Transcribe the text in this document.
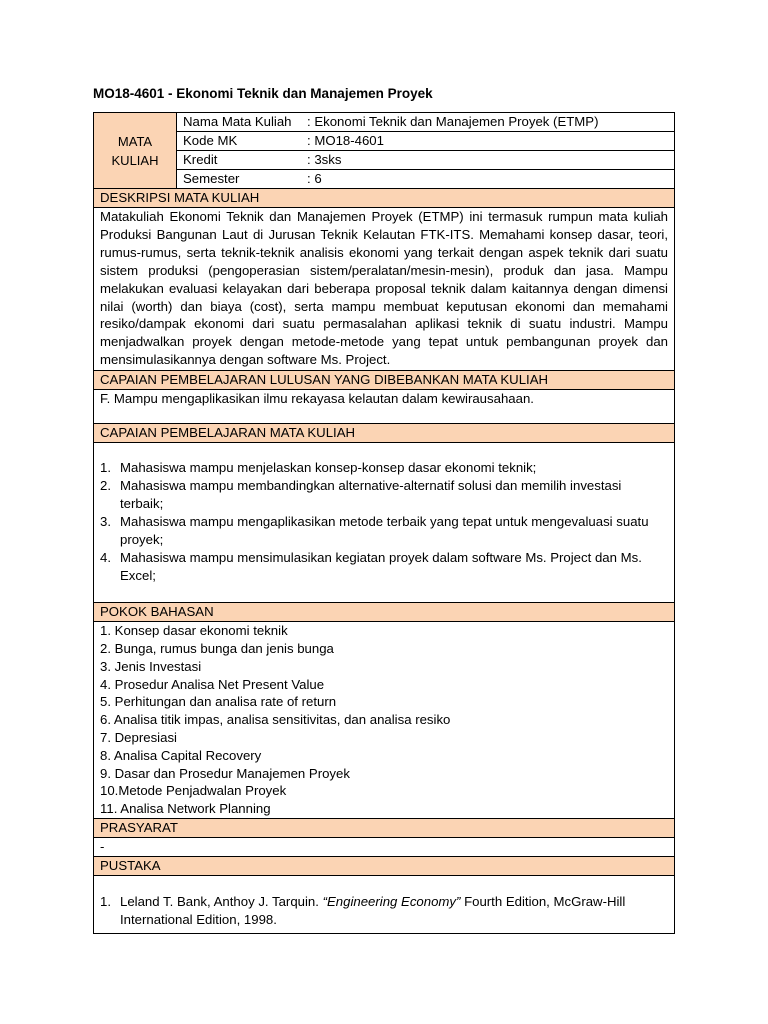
MO18-4601 - Ekonomi Teknik dan Manajemen Proyek
MATA
KULIAH
Nama Mata Kuliah	: Ekonomi Teknik dan Manajemen Proyek (ETMP)
Kode MK	: MO18-4601
Kredit	: 3sks
Semester	: 6
DESKRIPSI MATA KULIAH
Matakuliah Ekonomi Teknik dan Manajemen Proyek (ETMP) ini termasuk rumpun mata kuliah Produksi Bangunan Laut di Jurusan Teknik Kelautan FTK-ITS. Memahami konsep dasar, teori, rumus-rumus, serta teknik-teknik analisis ekonomi yang terkait dengan aspek teknik dari suatu sistem produksi (pengoperasian sistem/peralatan/mesin-mesin), produk dan jasa. Mampu melakukan evaluasi kelayakan dari beberapa proposal teknik dalam kaitannya dengan dimensi nilai (worth) dan biaya (cost), serta mampu membuat keputusan ekonomi dan memahami resiko/dampak ekonomi dari suatu permasalahan aplikasi teknik di suatu industri. Mampu menjadwalkan proyek dengan metode-metode yang tepat untuk pembangunan proyek dan mensimulasikannya dengan software Ms. Project.
CAPAIAN PEMBELAJARAN LULUSAN YANG DIBEBANKAN MATA KULIAH
F. Mampu mengaplikasikan ilmu rekayasa kelautan dalam kewirausahaan.
CAPAIAN PEMBELAJARAN MATA KULIAH
1. Mahasiswa mampu menjelaskan konsep-konsep dasar ekonomi teknik;
2. Mahasiswa mampu membandingkan alternative-alternatif solusi dan memilih investasi terbaik;
3. Mahasiswa mampu mengaplikasikan metode terbaik yang tepat untuk mengevaluasi suatu proyek;
4. Mahasiswa mampu mensimulasikan kegiatan proyek dalam software Ms. Project dan Ms. Excel;
POKOK BAHASAN
1. Konsep dasar ekonomi teknik
2. Bunga, rumus bunga dan jenis bunga
3. Jenis Investasi
4. Prosedur Analisa Net Present Value
5. Perhitungan dan analisa rate of return
6. Analisa titik impas, analisa sensitivitas, dan analisa resiko
7. Depresiasi
8. Analisa Capital Recovery
9. Dasar dan Prosedur Manajemen Proyek
10.Metode Penjadwalan Proyek
11. Analisa Network Planning
PRASYARAT
-
PUSTAKA
1. Leland T. Bank, Anthoy J. Tarquin. “Engineering Economy” Fourth Edition, McGraw-Hill International Edition, 1998.
